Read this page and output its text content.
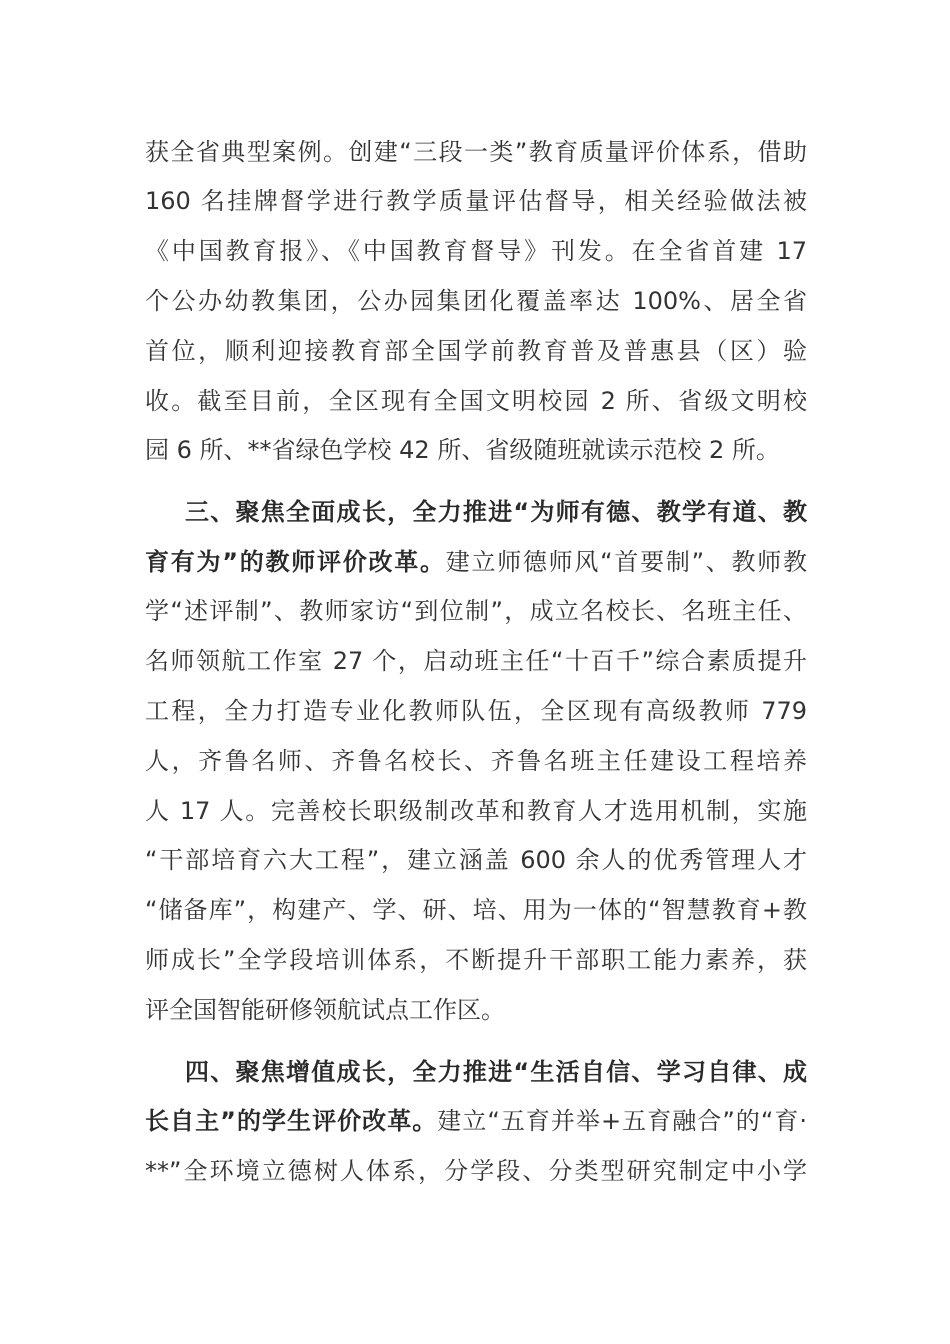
获全省典型案例。创建“三段一类”教育质量评价体系，借助
160 名挂牌督学进行教学质量评估督导，相关经验做法被
《中国教育报》、《中国教育督导》刊发。在全省首建 17
个公办幼教集团，公办园集团化覆盖率达 100%、居全省
首位，顺利迎接教育部全国学前教育普及普惠县（区）验
收。截至目前，全区现有全国文明校园 2 所、省级文明校
园 6 所、**省绿色学校 42 所、省级随班就读示范校 2 所。
三、聚焦全面成长，全力推进“为师有德、教学有道、教
育有为”的教师评价改革。建立师德师风“首要制”、教师教
学“述评制”、教师家访“到位制”，成立名校长、名班主任、
名师领航工作室 27 个，启动班主任“十百千”综合素质提升
工程，全力打造专业化教师队伍，全区现有高级教师 779
人，齐鲁名师、齐鲁名校长、齐鲁名班主任建设工程培养
人 17 人。完善校长职级制改革和教育人才选用机制，实施
“干部培育六大工程”，建立涵盖 600 余人的优秀管理人才
“储备库”，构建产、学、研、培、用为一体的“智慧教育+教
师成长”全学段培训体系，不断提升干部职工能力素养，获
评全国智能研修领航试点工作区。
四、聚焦增值成长，全力推进“生活自信、学习自律、成
长自主”的学生评价改革。建立“五育并举+五育融合”的“育·
**”全环境立德树人体系，分学段、分类型研究制定中小学
